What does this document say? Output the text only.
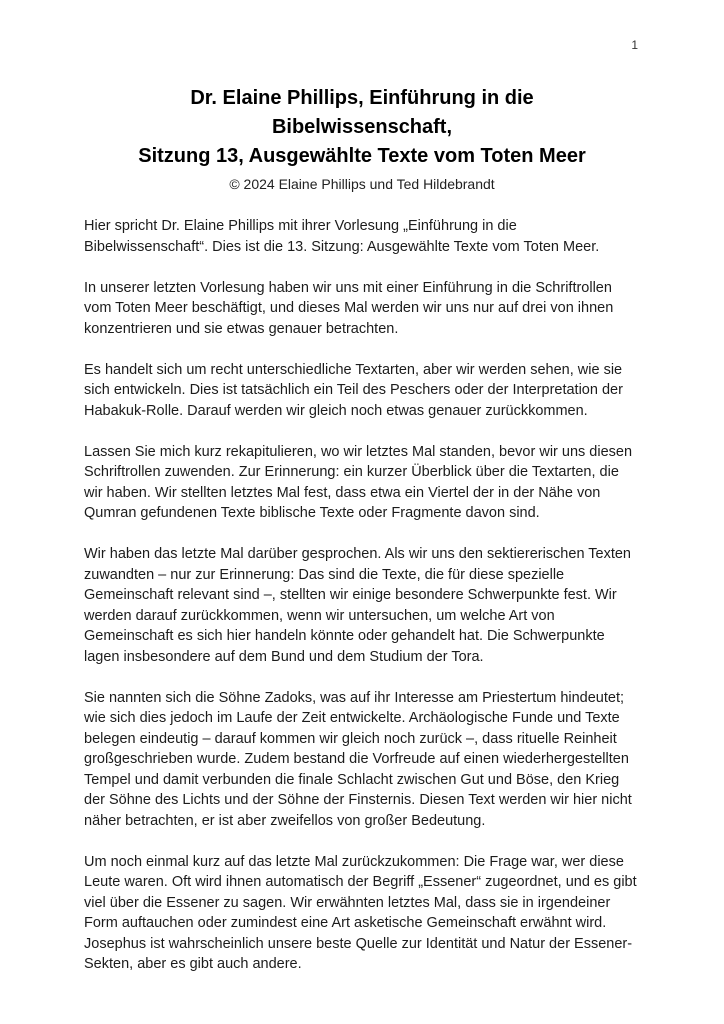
1
Dr. Elaine Phillips, Einführung in die
Bibelwissenschaft,
Sitzung 13, Ausgewählte Texte vom Toten Meer
© 2024 Elaine Phillips und Ted Hildebrandt

Hier spricht Dr. Elaine Phillips mit ihrer Vorlesung „Einführung in die Bibelwissenschaft“. Dies ist die 13. Sitzung: Ausgewählte Texte vom Toten Meer.

In unserer letzten Vorlesung haben wir uns mit einer Einführung in die Schriftrollen vom Toten Meer beschäftigt, und dieses Mal werden wir uns nur auf drei von ihnen konzentrieren und sie etwas genauer betrachten.

Es handelt sich um recht unterschiedliche Textarten, aber wir werden sehen, wie sie sich entwickeln. Dies ist tatsächlich ein Teil des Peschers oder der Interpretation der Habakuk-Rolle. Darauf werden wir gleich noch etwas genauer zurückkommen.

Lassen Sie mich kurz rekapitulieren, wo wir letztes Mal standen, bevor wir uns diesen Schriftrollen zuwenden. Zur Erinnerung: ein kurzer Überblick über die Textarten, die wir haben. Wir stellten letztes Mal fest, dass etwa ein Viertel der in der Nähe von Qumran gefundenen Texte biblische Texte oder Fragmente davon sind.

Wir haben das letzte Mal darüber gesprochen. Als wir uns den sektiererischen Texten zuwandten – nur zur Erinnerung: Das sind die Texte, die für diese spezielle Gemeinschaft relevant sind –, stellten wir einige besondere Schwerpunkte fest. Wir werden darauf zurückkommen, wenn wir untersuchen, um welche Art von Gemeinschaft es sich hier handeln könnte oder gehandelt hat. Die Schwerpunkte lagen insbesondere auf dem Bund und dem Studium der Tora.

Sie nannten sich die Söhne Zadoks, was auf ihr Interesse am Priestertum hindeutet; wie sich dies jedoch im Laufe der Zeit entwickelte. Archäologische Funde und Texte belegen eindeutig – darauf kommen wir gleich noch zurück –, dass rituelle Reinheit großgeschrieben wurde. Zudem bestand die Vorfreude auf einen wiederhergestellten Tempel und damit verbunden die finale Schlacht zwischen Gut und Böse, den Krieg der Söhne des Lichts und der Söhne der Finsternis. Diesen Text werden wir hier nicht näher betrachten, er ist aber zweifellos von großer Bedeutung.

Um noch einmal kurz auf das letzte Mal zurückzukommen: Die Frage war, wer diese Leute waren. Oft wird ihnen automatisch der Begriff „Essener“ zugeordnet, und es gibt viel über die Essener zu sagen. Wir erwähnten letztes Mal, dass sie in irgendeiner Form auftauchen oder zumindest eine Art asketische Gemeinschaft erwähnt wird. Josephus ist wahrscheinlich unsere beste Quelle zur Identität und Natur der Essener-Sekten, aber es gibt auch andere.
